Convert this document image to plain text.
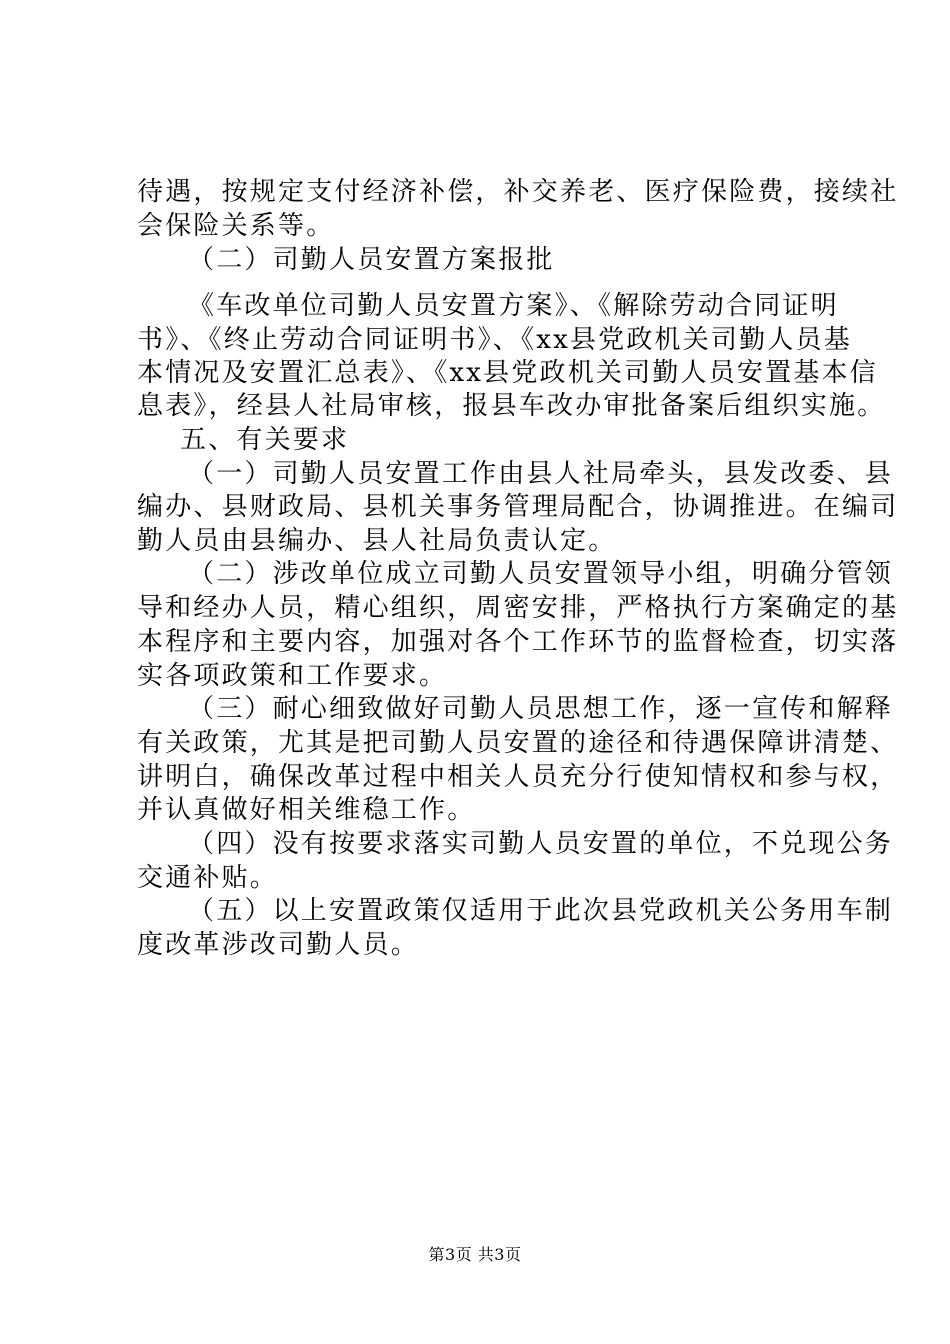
待遇，按规定支付经济补偿，补交养老、医疗保险费，接续社
会保险关系等。
（二）司勤人员安置方案报批
《车改单位司勤人员安置方案》、《解除劳动合同证明
书》、《终止劳动合同证明书》、《xx县党政机关司勤人员基
本情况及安置汇总表》、《xx县党政机关司勤人员安置基本信
息表》，经县人社局审核，报县车改办审批备案后组织实施。
五、有关要求
（一）司勤人员安置工作由县人社局牵头，县发改委、县
编办、县财政局、县机关事务管理局配合，协调推进。在编司
勤人员由县编办、县人社局负责认定。
（二）涉改单位成立司勤人员安置领导小组，明确分管领
导和经办人员，精心组织，周密安排，严格执行方案确定的基
本程序和主要内容，加强对各个工作环节的监督检查，切实落
实各项政策和工作要求。
（三）耐心细致做好司勤人员思想工作，逐一宣传和解释
有关政策，尤其是把司勤人员安置的途径和待遇保障讲清楚、
讲明白，确保改革过程中相关人员充分行使知情权和参与权，
并认真做好相关维稳工作。
（四）没有按要求落实司勤人员安置的单位，不兑现公务
交通补贴。
（五）以上安置政策仅适用于此次县党政机关公务用车制
度改革涉改司勤人员。
第3页 共3页
